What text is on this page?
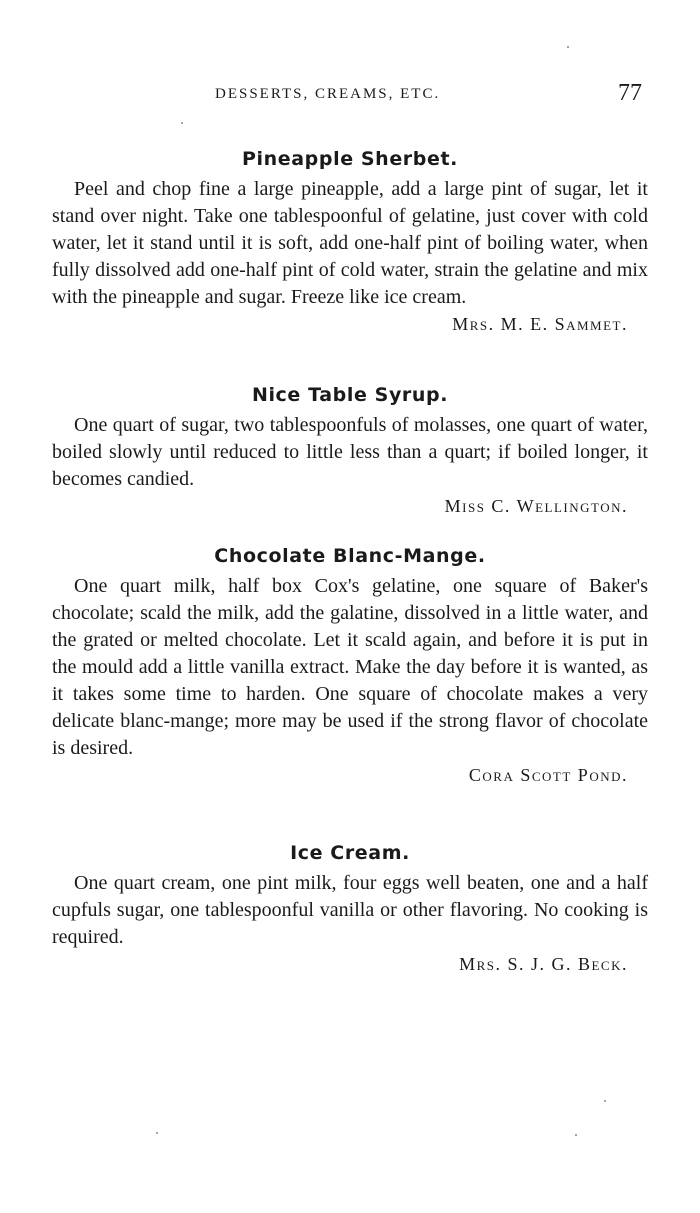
DESSERTS, CREAMS, ETC.	77
Pineapple Sherbet.

Peel and chop fine a large pineapple, add a large pint of sugar, let it stand over night. Take one tablespoonful of gelatine, just cover with cold water, let it stand until it is soft, add one-half pint of boiling water, when fully dissolved add one-half pint of cold water, strain the gelatine and mix with the pineapple and sugar. Freeze like ice cream.

Mrs. M. E. Sammet.

Nice Table Syrup.

One quart of sugar, two tablespoonfuls of molasses, one quart of water, boiled slowly until reduced to little less than a quart; if boiled longer, it becomes candied.

Miss C. Wellington.

Chocolate Blanc-Mange.

One quart milk, half box Cox's gelatine, one square of Baker's chocolate; scald the milk, add the galatine, dissolved in a little water, and the grated or melted chocolate. Let it scald again, and before it is put in the mould add a little vanilla extract. Make the day before it is wanted, as it takes some time to harden. One square of chocolate makes a very delicate blanc-mange; more may be used if the strong flavor of chocolate is desired.

Cora Scott Pond.

Ice Cream.

One quart cream, one pint milk, four eggs well beaten, one and a half cupfuls sugar, one tablespoonful vanilla or other flavoring. No cooking is required.

Mrs. S. J. G. Beck.
